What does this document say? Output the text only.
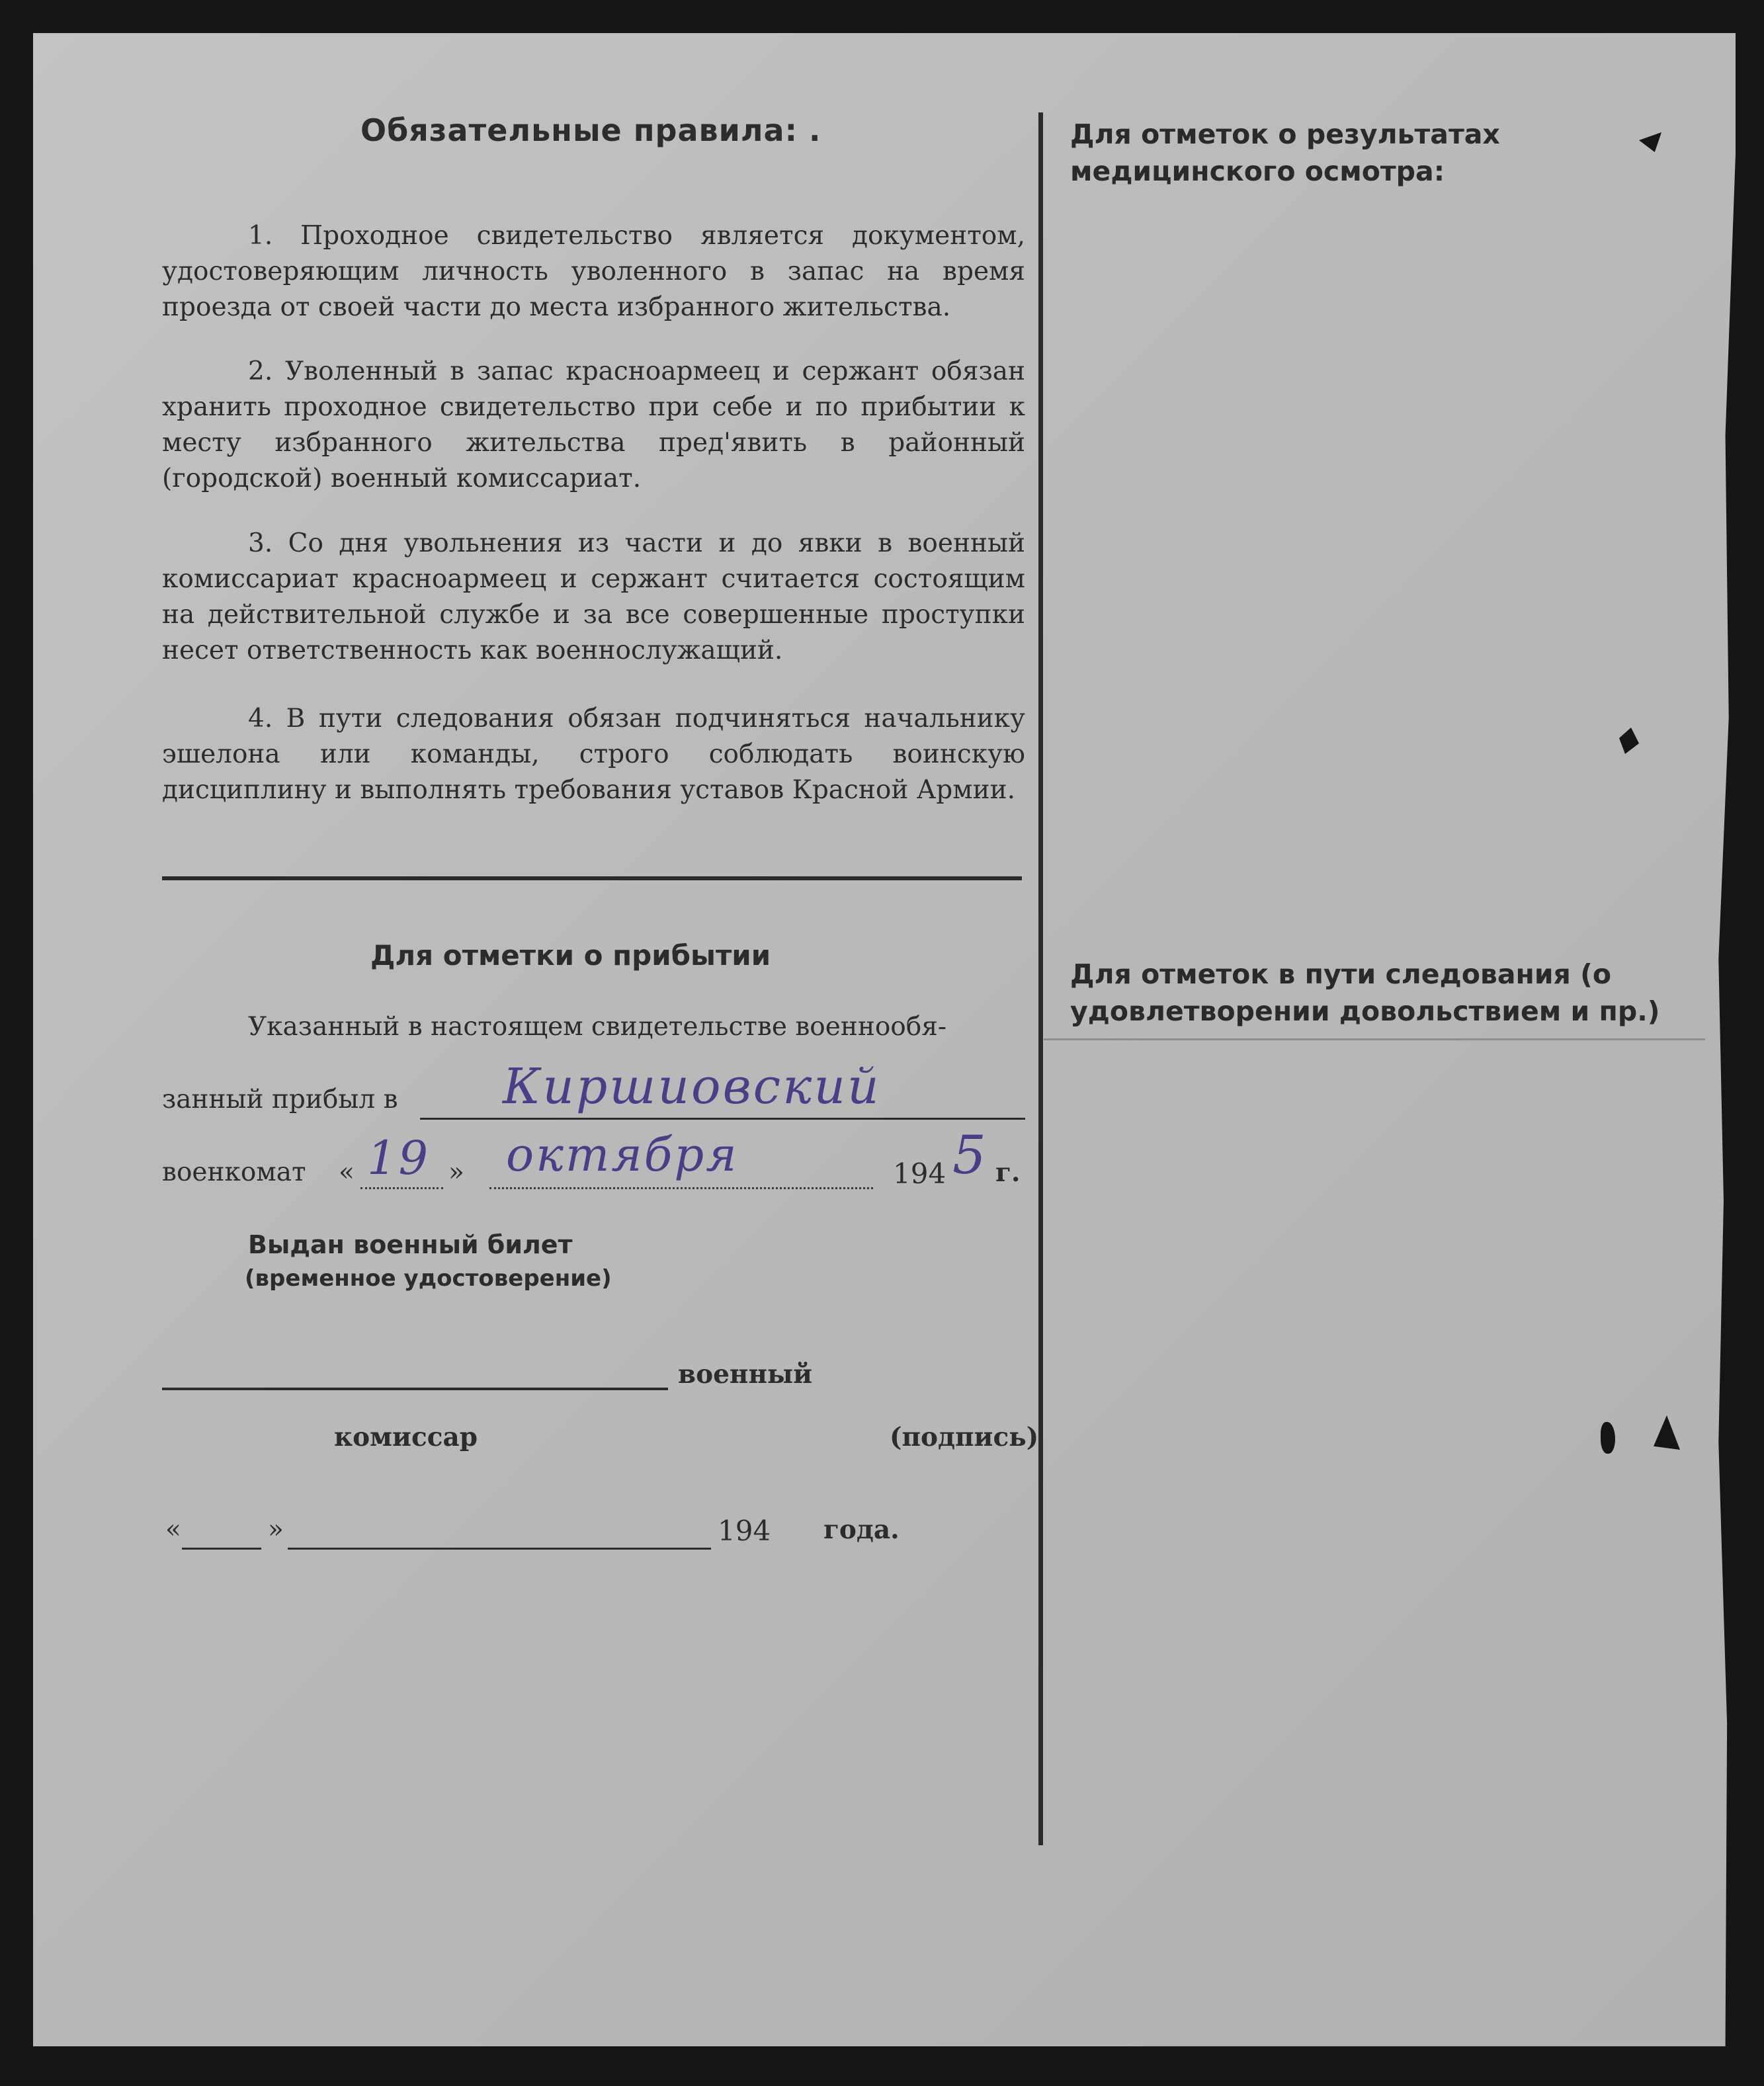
Обязательные правила: .
1. Проходное свидетельство является документом, удостоверяющим личность уволенного в запас на время проезда от своей части до места избранного жительства.
2. Уволенный в запас красноармеец и сержант обязан хранить проходное свидетельство при себе и по прибытии к месту избранного жительства пред'явить в районный (городской) военный комиссариат.
3. Со дня увольнения из части и до явки в военный комиссариат красноармеец и сержант считается состоящим на действительной службе и за все совершенные проступки несет ответственность как военнослужащий.
4. В пути следования обязан подчиняться начальнику эшелона или команды, строго соблюдать воинскую дисциплину и выполнять требования уставов Красной Армии.
Для отметки о прибытии
Указанный в настоящем свидетельстве военнообя-
занный прибыл в Киршиовский
военкомат « 19 » октября	194 5 г.
Выдан военный билет
(временное удостоверение)
военный
комиссар	(подпись)
«	»	194 года.
Для отметок о результатах медицинского осмотра:
Для отметок в пути следования (о удовлетворении довольствием и пр.)
